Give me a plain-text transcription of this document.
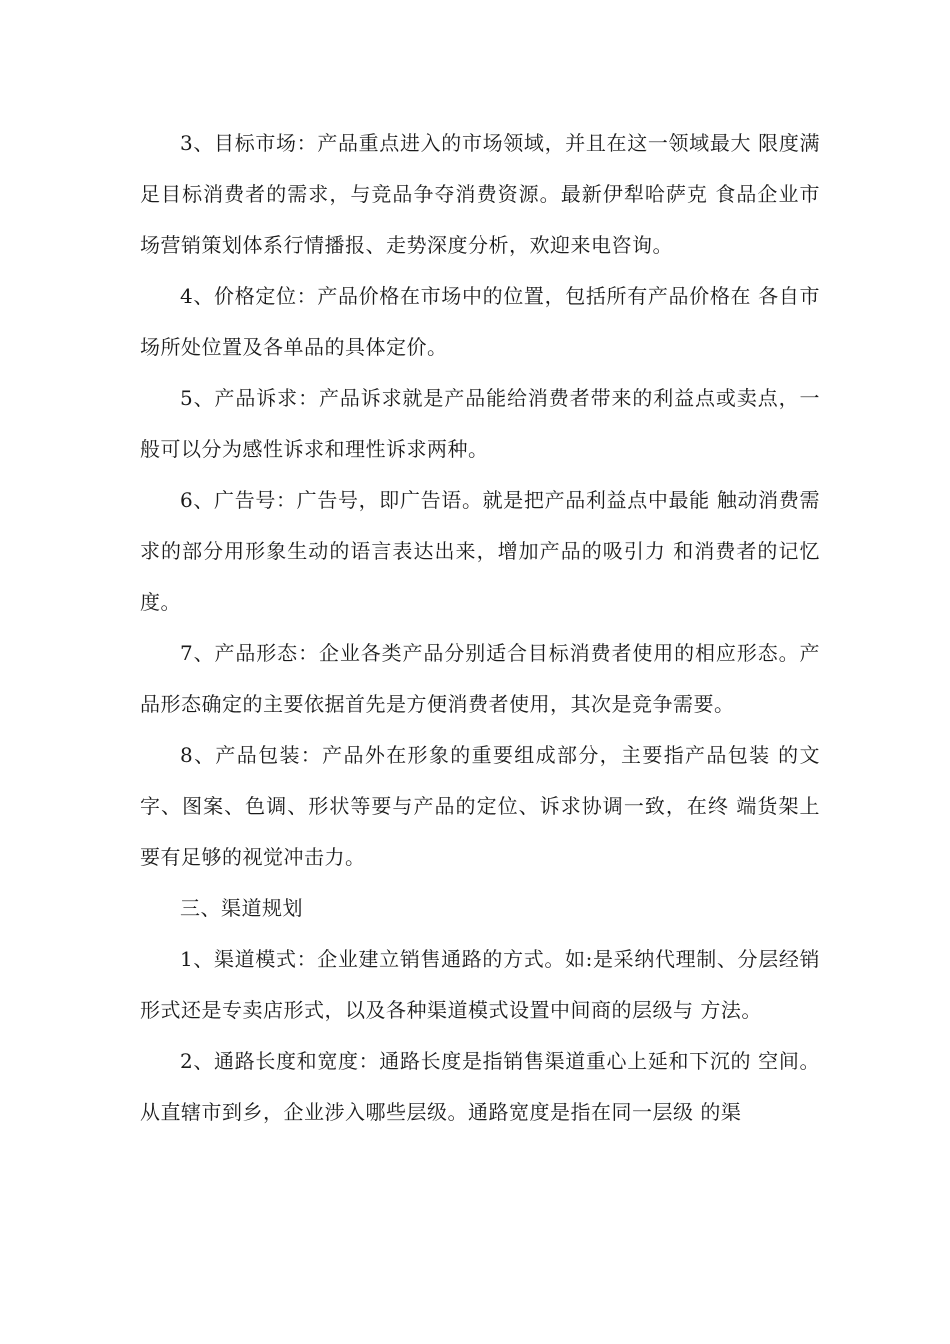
3、目标市场：产品重点进入的市场领域，并且在这一领域最大 限度满足目标消费者的需求，与竞品争夺消费资源。最新伊犁哈萨克 食品企业市场营销策划体系行情播报、走势深度分析，欢迎来电咨询。

4、价格定位：产品价格在市场中的位置，包括所有产品价格在 各自市场所处位置及各单品的具体定价。

5、产品诉求：产品诉求就是产品能给消费者带来的利益点或卖点，一般可以分为感性诉求和理性诉求两种。

6、广告号：广告号，即广告语。就是把产品利益点中最能 触动消费需求的部分用形象生动的语言表达出来，增加产品的吸引力 和消费者的记忆度。

7、产品形态：企业各类产品分别适合目标消费者使用的相应形态。产品形态确定的主要依据首先是方便消费者使用，其次是竞争需要。

8、产品包装：产品外在形象的重要组成部分，主要指产品包装 的文字、图案、色调、形状等要与产品的定位、诉求协调一致，在终 端货架上要有足够的视觉冲击力。

三、渠道规划

1、渠道模式：企业建立销售通路的方式。如:是采纳代理制、分层经销形式还是专卖店形式，以及各种渠道模式设置中间商的层级与 方法。

2、通路长度和宽度：通路长度是指销售渠道重心上延和下沉的 空间。从直辖市到乡，企业涉入哪些层级。通路宽度是指在同一层级 的渠
